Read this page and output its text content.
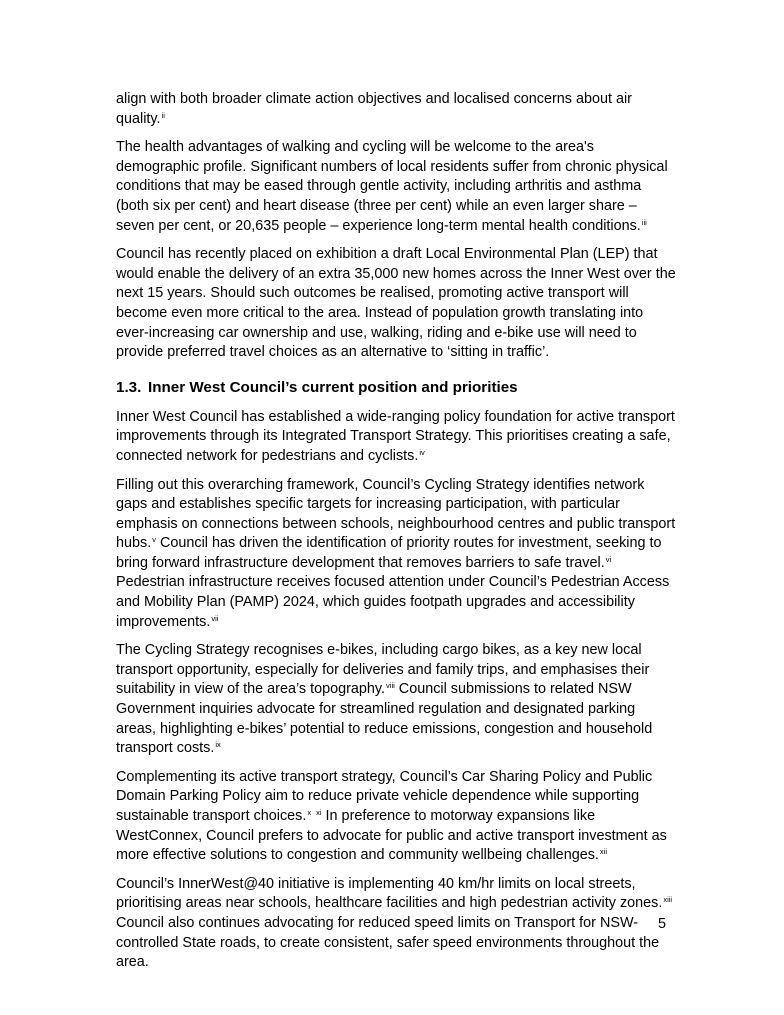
align with both broader climate action objectives and localised concerns about air quality.$^{ii}$

The health advantages of walking and cycling will be welcome to the area's demographic profile. Significant numbers of local residents suffer from chronic physical conditions that may be eased through gentle activity, including arthritis and asthma (both six per cent) and heart disease (three per cent) while an even larger share – seven per cent, or 20,635 people – experience long-term mental health conditions.$^{iii}$

Council has recently placed on exhibition a draft Local Environmental Plan (LEP) that would enable the delivery of an extra 35,000 new homes across the Inner West over the next 15 years. Should such outcomes be realised, promoting active transport will become even more critical to the area. Instead of population growth translating into ever-increasing car ownership and use, walking, riding and e-bike use will need to provide preferred travel choices as an alternative to ‘sitting in traffic’.

1.3. Inner West Council’s current position and priorities

Inner West Council has established a wide-ranging policy foundation for active transport improvements through its Integrated Transport Strategy. This prioritises creating a safe, connected network for pedestrians and cyclists.$^{iv}$

Filling out this overarching framework, Council’s Cycling Strategy identifies network gaps and establishes specific targets for increasing participation, with particular emphasis on connections between schools, neighbourhood centres and public transport hubs.$^v$ Council has driven the identification of priority routes for investment, seeking to bring forward infrastructure development that removes barriers to safe travel.$^{vi}$ Pedestrian infrastructure receives focused attention under Council’s Pedestrian Access and Mobility Plan (PAMP) 2024, which guides footpath upgrades and accessibility improvements.$^{vii}$

The Cycling Strategy recognises e-bikes, including cargo bikes, as a key new local transport opportunity, especially for deliveries and family trips, and emphasises their suitability in view of the area’s topography.$^{viii}$ Council submissions to related NSW Government inquiries advocate for streamlined regulation and designated parking areas, highlighting e-bikes’ potential to reduce emissions, congestion and household transport costs.$^{ix}$

Complementing its active transport strategy, Council’s Car Sharing Policy and Public Domain Parking Policy aim to reduce private vehicle dependence while supporting sustainable transport choices.$^x$ $^{xi}$ In preference to motorway expansions like WestConnex, Council prefers to advocate for public and active transport investment as more effective solutions to congestion and community wellbeing challenges.$^{xii}$

Council’s InnerWest@40 initiative is implementing 40 km/hr limits on local streets, prioritising areas near schools, healthcare facilities and high pedestrian activity zones.$^{xiii}$ Council also continues advocating for reduced speed limits on Transport for NSW-controlled State roads, to create consistent, safer speed environments throughout the area.

5
